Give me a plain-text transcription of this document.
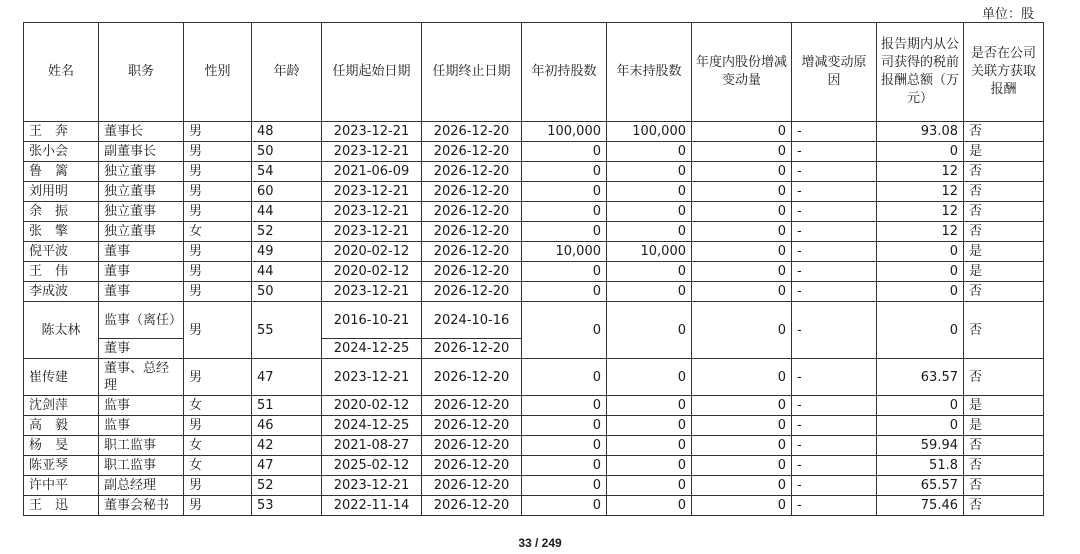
单位：股
姓名	职务	性别	年龄	任期起始日期	任期终止日期	年初持股数	年末持股数	年度内股份增减变动量	增减变动原因	报告期内从公司获得的税前报酬总额（万元）	是否在公司关联方获取报酬
王　奔	董事长	男	48	2023-12-21	2026-12-20	100,000	100,000	0	-	93.08	否
张小会	副董事长	男	50	2023-12-21	2026-12-20	0	0	0	-	0	是
鲁　篱	独立董事	男	54	2021-06-09	2026-12-20	0	0	0	-	12	否
刘用明	独立董事	男	60	2023-12-21	2026-12-20	0	0	0	-	12	否
余　振	独立董事	男	44	2023-12-21	2026-12-20	0	0	0	-	12	否
张　擎	独立董事	女	52	2023-12-21	2026-12-20	0	0	0	-	12	否
倪平波	董事	男	49	2020-02-12	2026-12-20	10,000	10,000	0	-	0	是
王　伟	董事	男	44	2020-02-12	2026-12-20	0	0	0	-	0	是
李成波	董事	男	50	2023-12-21	2026-12-20	0	0	0	-	0	否
陈太林	监事（离任）	男	55	2016-10-21	2024-10-16	0	0	0	-	0	否
	董事			2024-12-25	2026-12-20						
崔传建	董事、总经理	男	47	2023-12-21	2026-12-20	0	0	0	-	63.57	否
沈剑萍	监事	女	51	2020-02-12	2026-12-20	0	0	0	-	0	是
高　毅	监事	男	46	2024-12-25	2026-12-20	0	0	0	-	0	是
杨　旻	职工监事	女	42	2021-08-27	2026-12-20	0	0	0	-	59.94	否
陈亚琴	职工监事	女	47	2025-02-12	2026-12-20	0	0	0	-	51.8	否
许中平	副总经理	男	52	2023-12-21	2026-12-20	0	0	0	-	65.57	否
王　迅	董事会秘书	男	53	2022-11-14	2026-12-20	0	0	0	-	75.46	否
33 / 249
